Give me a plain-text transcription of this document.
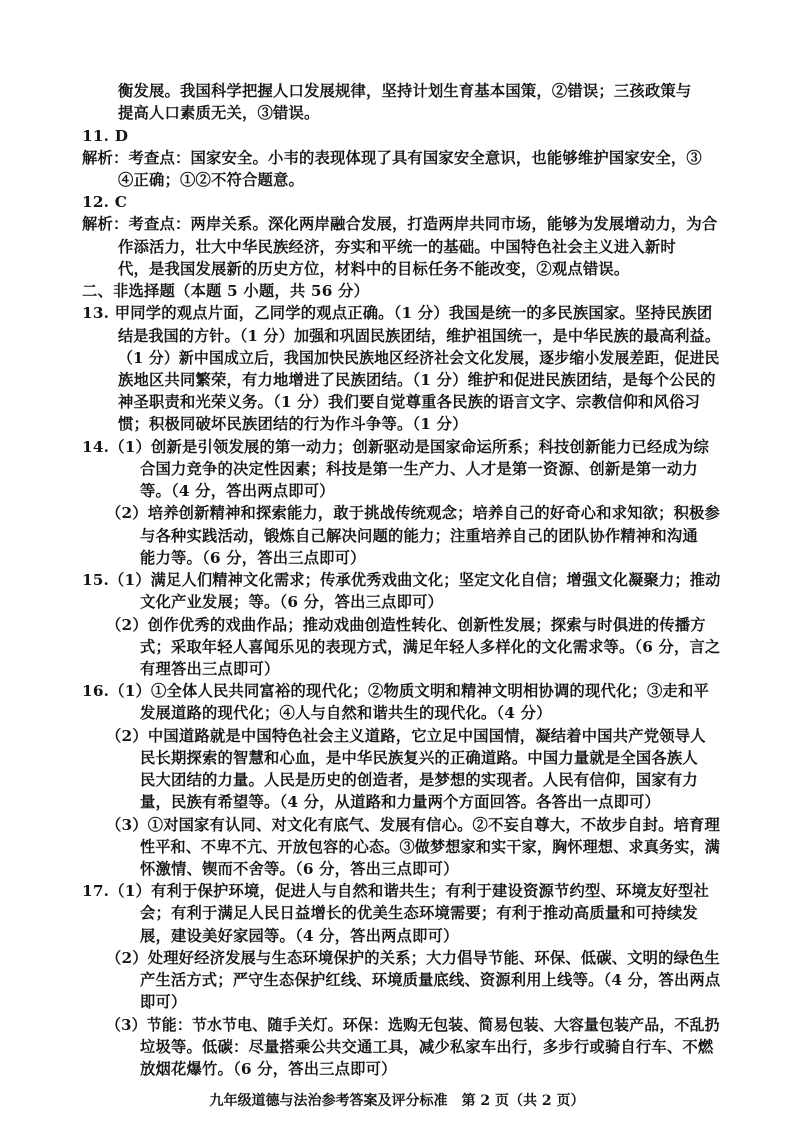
衡发展。我国科学把握人口发展规律，坚持计划生育基本国策，②错误；三孩政策与
提高人口素质无关，③错误。
11. D
解析：考查点：国家安全。小韦的表现体现了具有国家安全意识，也能够维护国家安全，③
④正确；①②不符合题意。
12. C
解析：考查点：两岸关系。深化两岸融合发展，打造两岸共同市场，能够为发展增动力，为合
作添活力，壮大中华民族经济，夯实和平统一的基础。中国特色社会主义进入新时
代，是我国发展新的历史方位，材料中的目标任务不能改变，②观点错误。
二、非选择题（本题 5 小题，共 56 分）
13. 甲同学的观点片面，乙同学的观点正确。（1 分）我国是统一的多民族国家。坚持民族团
结是我国的方针。（1 分）加强和巩固民族团结，维护祖国统一，是中华民族的最高利益。
（1 分）新中国成立后，我国加快民族地区经济社会文化发展，逐步缩小发展差距，促进民
族地区共同繁荣，有力地增进了民族团结。（1 分）维护和促进民族团结，是每个公民的
神圣职责和光荣义务。（1 分）我们要自觉尊重各民族的语言文字、宗教信仰和风俗习
惯；积极同破坏民族团结的行为作斗争等。（1 分）
14.（1）创新是引领发展的第一动力；创新驱动是国家命运所系；科技创新能力已经成为综
合国力竞争的决定性因素；科技是第一生产力、人才是第一资源、创新是第一动力
等。（4 分，答出两点即可）
（2）培养创新精神和探索能力，敢于挑战传统观念；培养自己的好奇心和求知欲；积极参
与各种实践活动，锻炼自己解决问题的能力；注重培养自己的团队协作精神和沟通
能力等。（6 分，答出三点即可）
15.（1）满足人们精神文化需求；传承优秀戏曲文化；坚定文化自信；增强文化凝聚力；推动
文化产业发展；等。（6 分，答出三点即可）
（2）创作优秀的戏曲作品；推动戏曲创造性转化、创新性发展；探索与时俱进的传播方
式；采取年轻人喜闻乐见的表现方式，满足年轻人多样化的文化需求等。（6 分，言之
有理答出三点即可）
16.（1）①全体人民共同富裕的现代化；②物质文明和精神文明相协调的现代化；③走和平
发展道路的现代化；④人与自然和谐共生的现代化。（4 分）
（2）中国道路就是中国特色社会主义道路，它立足中国国情，凝结着中国共产党领导人
民长期探索的智慧和心血，是中华民族复兴的正确道路。中国力量就是全国各族人
民大团结的力量。人民是历史的创造者，是梦想的实现者。人民有信仰，国家有力
量，民族有希望等。（4 分，从道路和力量两个方面回答。各答出一点即可）
（3）①对国家有认同、对文化有底气、发展有信心。②不妄自尊大，不故步自封。培育理
性平和、不卑不亢、开放包容的心态。③做梦想家和实干家，胸怀理想、求真务实，满
怀激情、锲而不舍等。（6 分，答出三点即可）
17.（1）有利于保护环境，促进人与自然和谐共生；有利于建设资源节约型、环境友好型社
会；有利于满足人民日益增长的优美生态环境需要；有利于推动高质量和可持续发
展，建设美好家园等。（4 分，答出两点即可）
（2）处理好经济发展与生态环境保护的关系；大力倡导节能、环保、低碳、文明的绿色生
产生活方式；严守生态保护红线、环境质量底线、资源利用上线等。（4 分，答出两点
即可）
（3）节能：节水节电、随手关灯。环保：选购无包装、简易包装、大容量包装产品，不乱扔
垃圾等。低碳：尽量搭乘公共交通工具，减少私家车出行，多步行或骑自行车、不燃
放烟花爆竹。（6 分，答出三点即可）
九年级道德与法治参考答案及评分标准　第 2 页（共 2 页）
